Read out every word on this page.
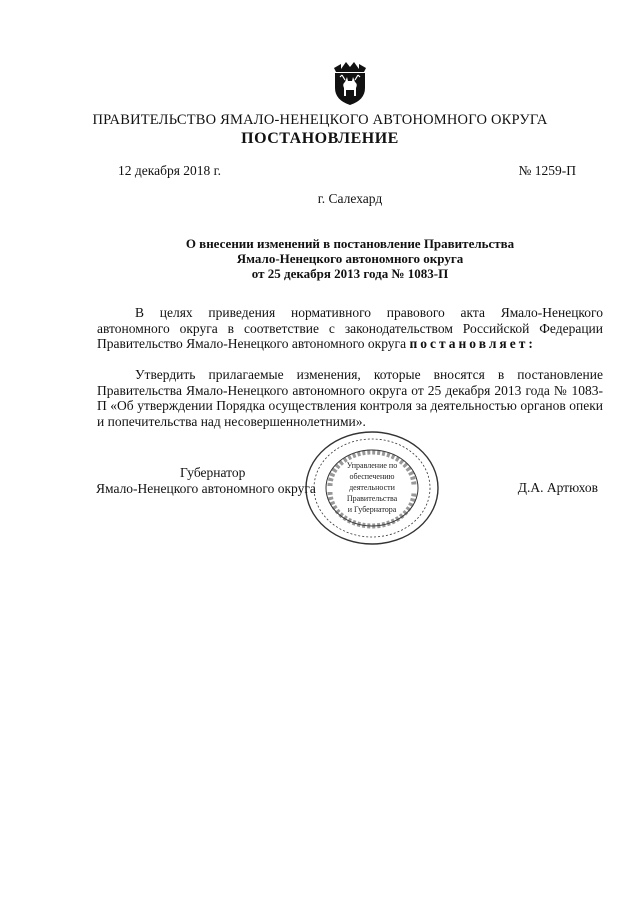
ПРАВИТЕЛЬСТВО ЯМАЛО-НЕНЕЦКОГО АВТОНОМНОГО ОКРУГА
ПОСТАНОВЛЕНИЕ
12 декабря 2018 г.	№ 1259-П
г. Салехард
О внесении изменений в постановление Правительства
Ямало-Ненецкого автономного округа
от 25 декабря 2013 года № 1083-П
В целях приведения нормативного правового акта Ямало-Ненецкого автономного округа в соответствие с законодательством Российской Федерации Правительство Ямало-Ненецкого автономного округа постановляет:
Утвердить прилагаемые изменения, которые вносятся в постановление Правительства Ямало-Ненецкого автономного округа от 25 декабря 2013 года № 1083-П «Об утверждении Порядка осуществления контроля за деятельностью органов опеки и попечительства над несовершеннолетними».
Управление по
обеспечению
деятельности
Правительства
и Губернатора
Губернатор
Ямало-Ненецкого автономного округа	Д.А. Артюхов
